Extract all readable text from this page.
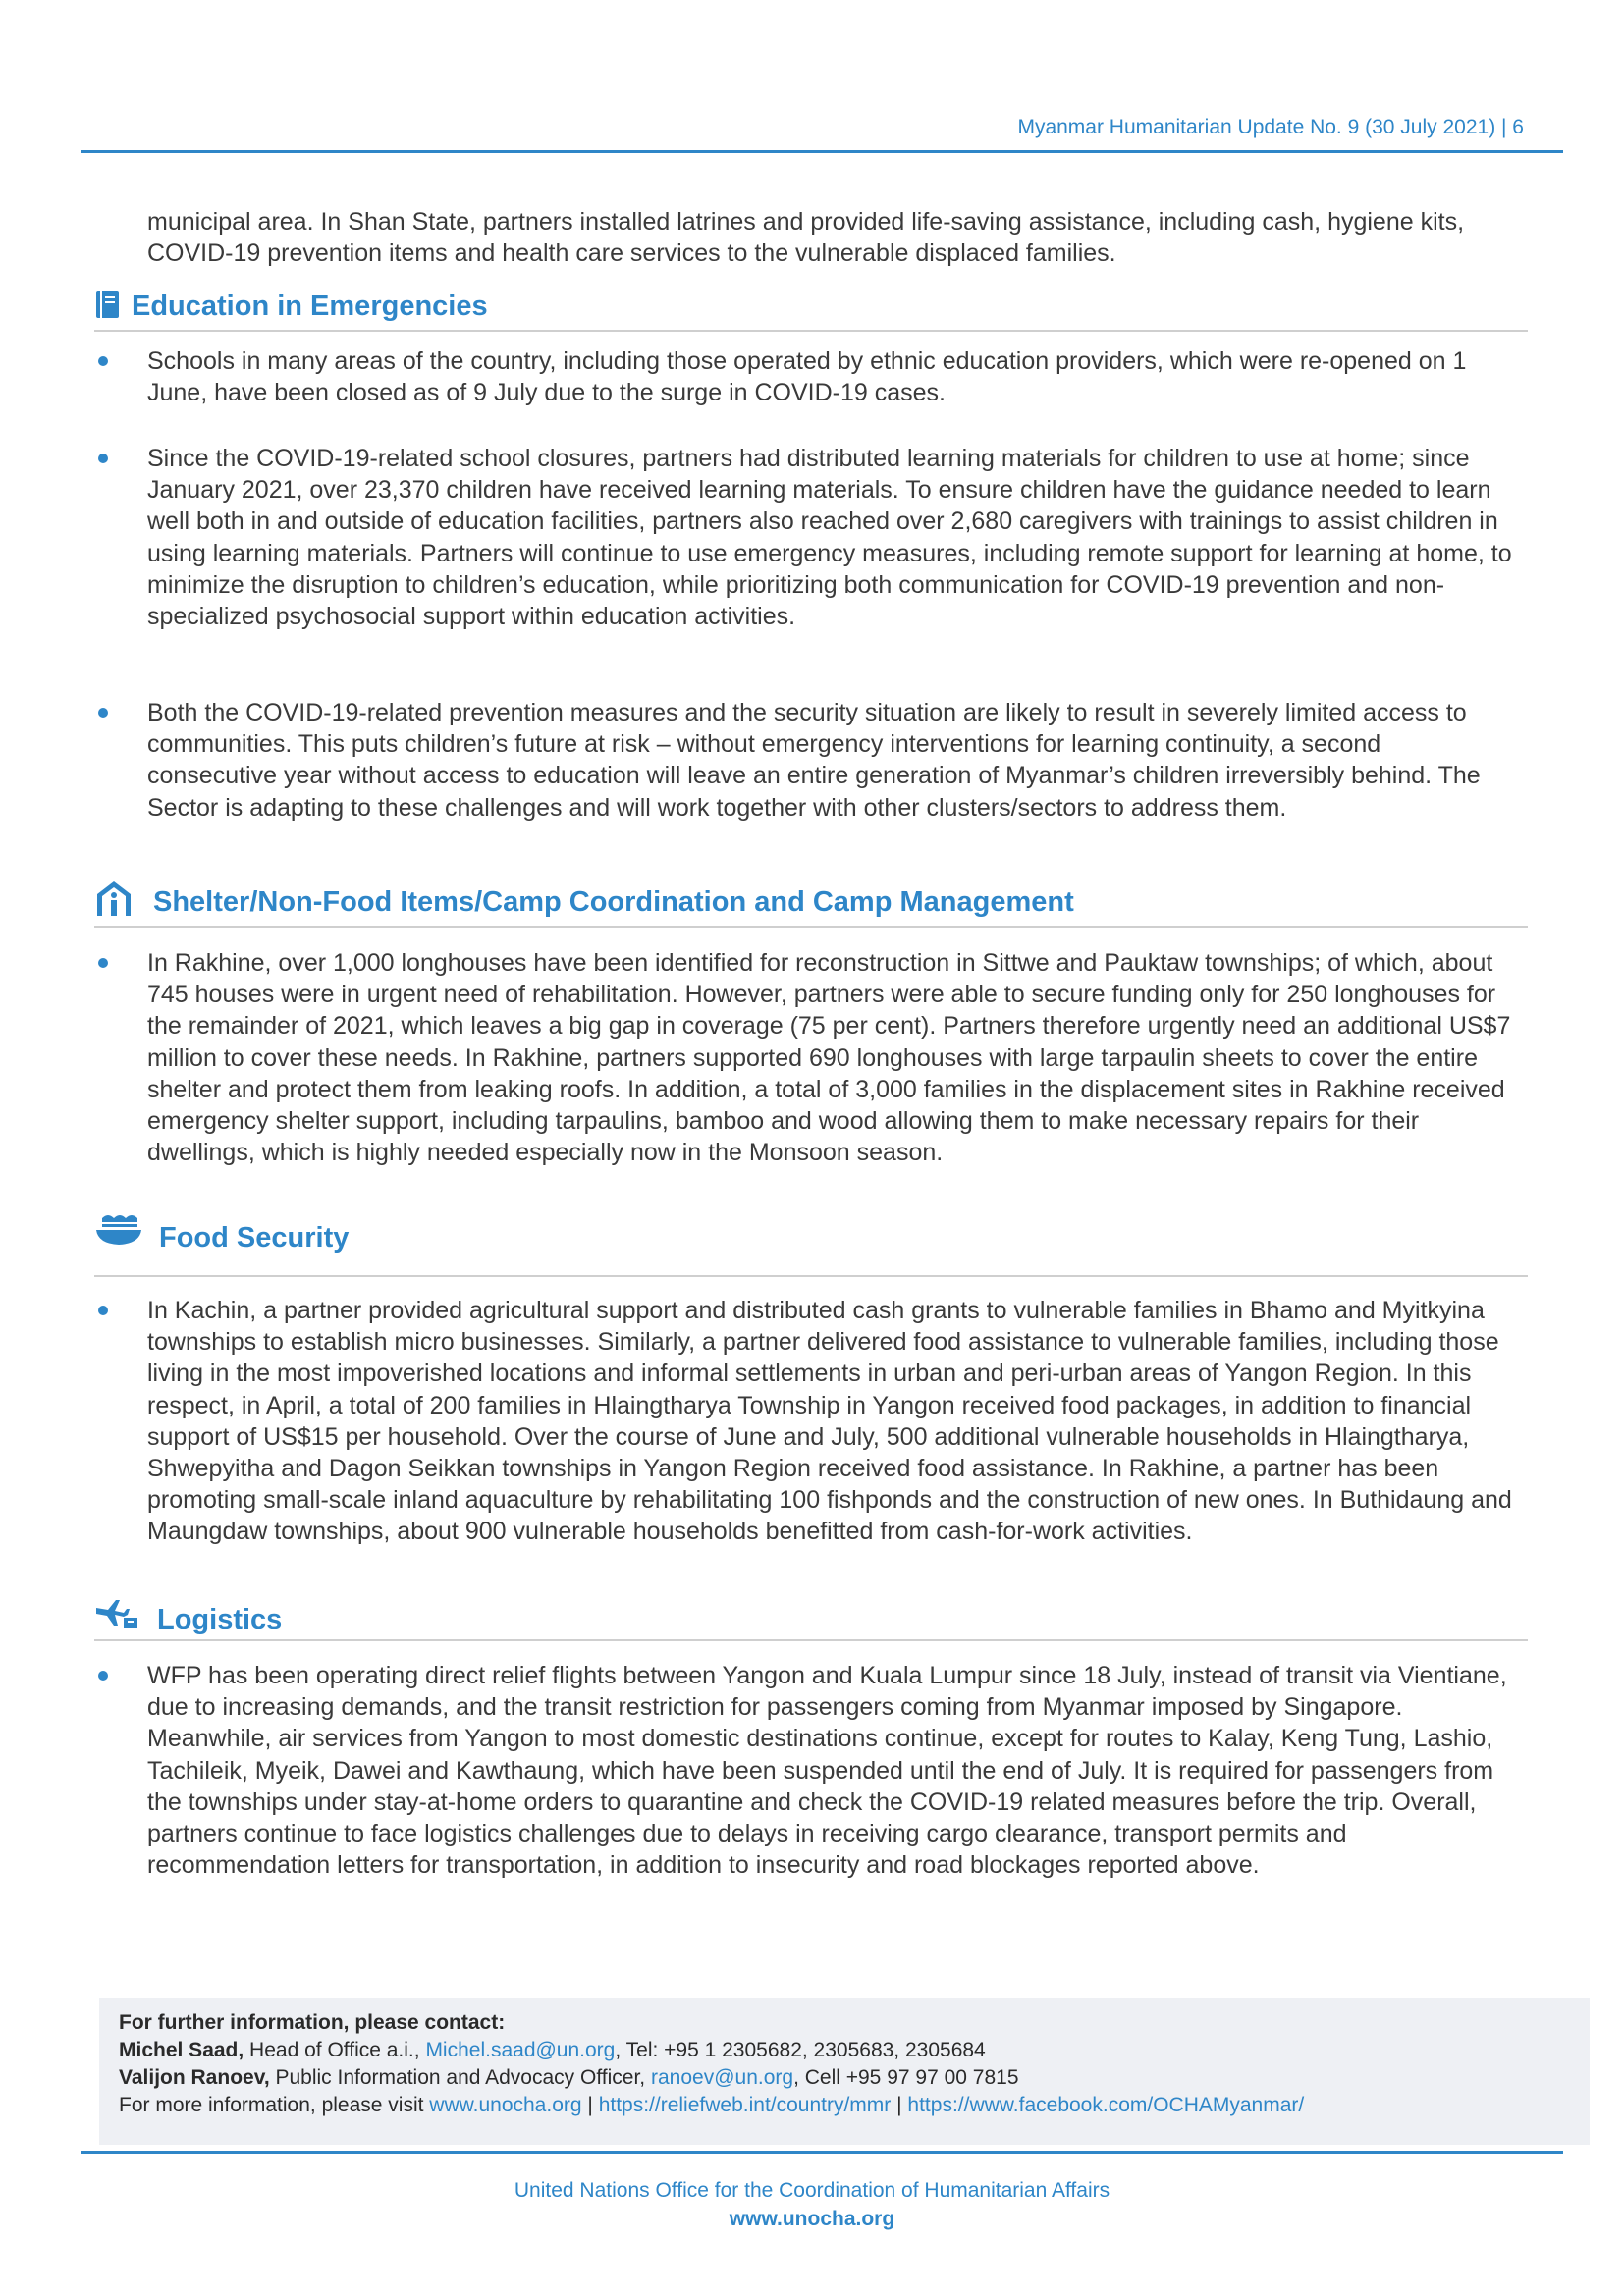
Myanmar Humanitarian Update No. 9 (30 July 2021) | 6

municipal area. In Shan State, partners installed latrines and provided life-saving assistance, including cash, hygiene kits, COVID-19 prevention items and health care services to the vulnerable displaced families.

Education in Emergencies

Schools in many areas of the country, including those operated by ethnic education providers, which were re-opened on 1 June, have been closed as of 9 July due to the surge in COVID-19 cases.

Since the COVID-19-related school closures, partners had distributed learning materials for children to use at home; since January 2021, over 23,370 children have received learning materials. To ensure children have the guidance needed to learn well both in and outside of education facilities, partners also reached over 2,680 caregivers with trainings to assist children in using learning materials. Partners will continue to use emergency measures, including remote support for learning at home, to minimize the disruption to children’s education, while prioritizing both communication for COVID-19 prevention and non-specialized psychosocial support within education activities.

Both the COVID-19-related prevention measures and the security situation are likely to result in severely limited access to communities. This puts children’s future at risk – without emergency interventions for learning continuity, a second consecutive year without access to education will leave an entire generation of Myanmar’s children irreversibly behind. The Sector is adapting to these challenges and will work together with other clusters/sectors to address them.

Shelter/Non-Food Items/Camp Coordination and Camp Management

In Rakhine, over 1,000 longhouses have been identified for reconstruction in Sittwe and Pauktaw townships; of which, about 745 houses were in urgent need of rehabilitation. However, partners were able to secure funding only for 250 longhouses for the remainder of 2021, which leaves a big gap in coverage (75 per cent). Partners therefore urgently need an additional US$7 million to cover these needs. In Rakhine, partners supported 690 longhouses with large tarpaulin sheets to cover the entire shelter and protect them from leaking roofs. In addition, a total of 3,000 families in the displacement sites in Rakhine received emergency shelter support, including tarpaulins, bamboo and wood allowing them to make necessary repairs for their dwellings, which is highly needed especially now in the Monsoon season.

Food Security

In Kachin, a partner provided agricultural support and distributed cash grants to vulnerable families in Bhamo and Myitkyina townships to establish micro businesses. Similarly, a partner delivered food assistance to vulnerable families, including those living in the most impoverished locations and informal settlements in urban and peri-urban areas of Yangon Region. In this respect, in April, a total of 200 families in Hlaingtharya Township in Yangon received food packages, in addition to financial support of US$15 per household. Over the course of June and July, 500 additional vulnerable households in Hlaingtharya, Shwepyitha and Dagon Seikkan townships in Yangon Region received food assistance. In Rakhine, a partner has been promoting small-scale inland aquaculture by rehabilitating 100 fishponds and the construction of new ones. In Buthidaung and Maungdaw townships, about 900 vulnerable households benefitted from cash-for-work activities.

Logistics

WFP has been operating direct relief flights between Yangon and Kuala Lumpur since 18 July, instead of transit via Vientiane, due to increasing demands, and the transit restriction for passengers coming from Myanmar imposed by Singapore. Meanwhile, air services from Yangon to most domestic destinations continue, except for routes to Kalay, Keng Tung, Lashio, Tachileik, Myeik, Dawei and Kawthaung, which have been suspended until the end of July. It is required for passengers from the townships under stay-at-home orders to quarantine and check the COVID-19 related measures before the trip. Overall, partners continue to face logistics challenges due to delays in receiving cargo clearance, transport permits and recommendation letters for transportation, in addition to insecurity and road blockages reported above.

For further information, please contact:
Michel Saad, Head of Office a.i., Michel.saad@un.org, Tel: +95 1 2305682, 2305683, 2305684
Valijon Ranoev, Public Information and Advocacy Officer, ranoev@un.org, Cell +95 97 97 00 7815
For more information, please visit www.unocha.org | https://reliefweb.int/country/mmr | https://www.facebook.com/OCHAMyanmar/
United Nations Office for the Coordination of Humanitarian Affairs
www.unocha.org
